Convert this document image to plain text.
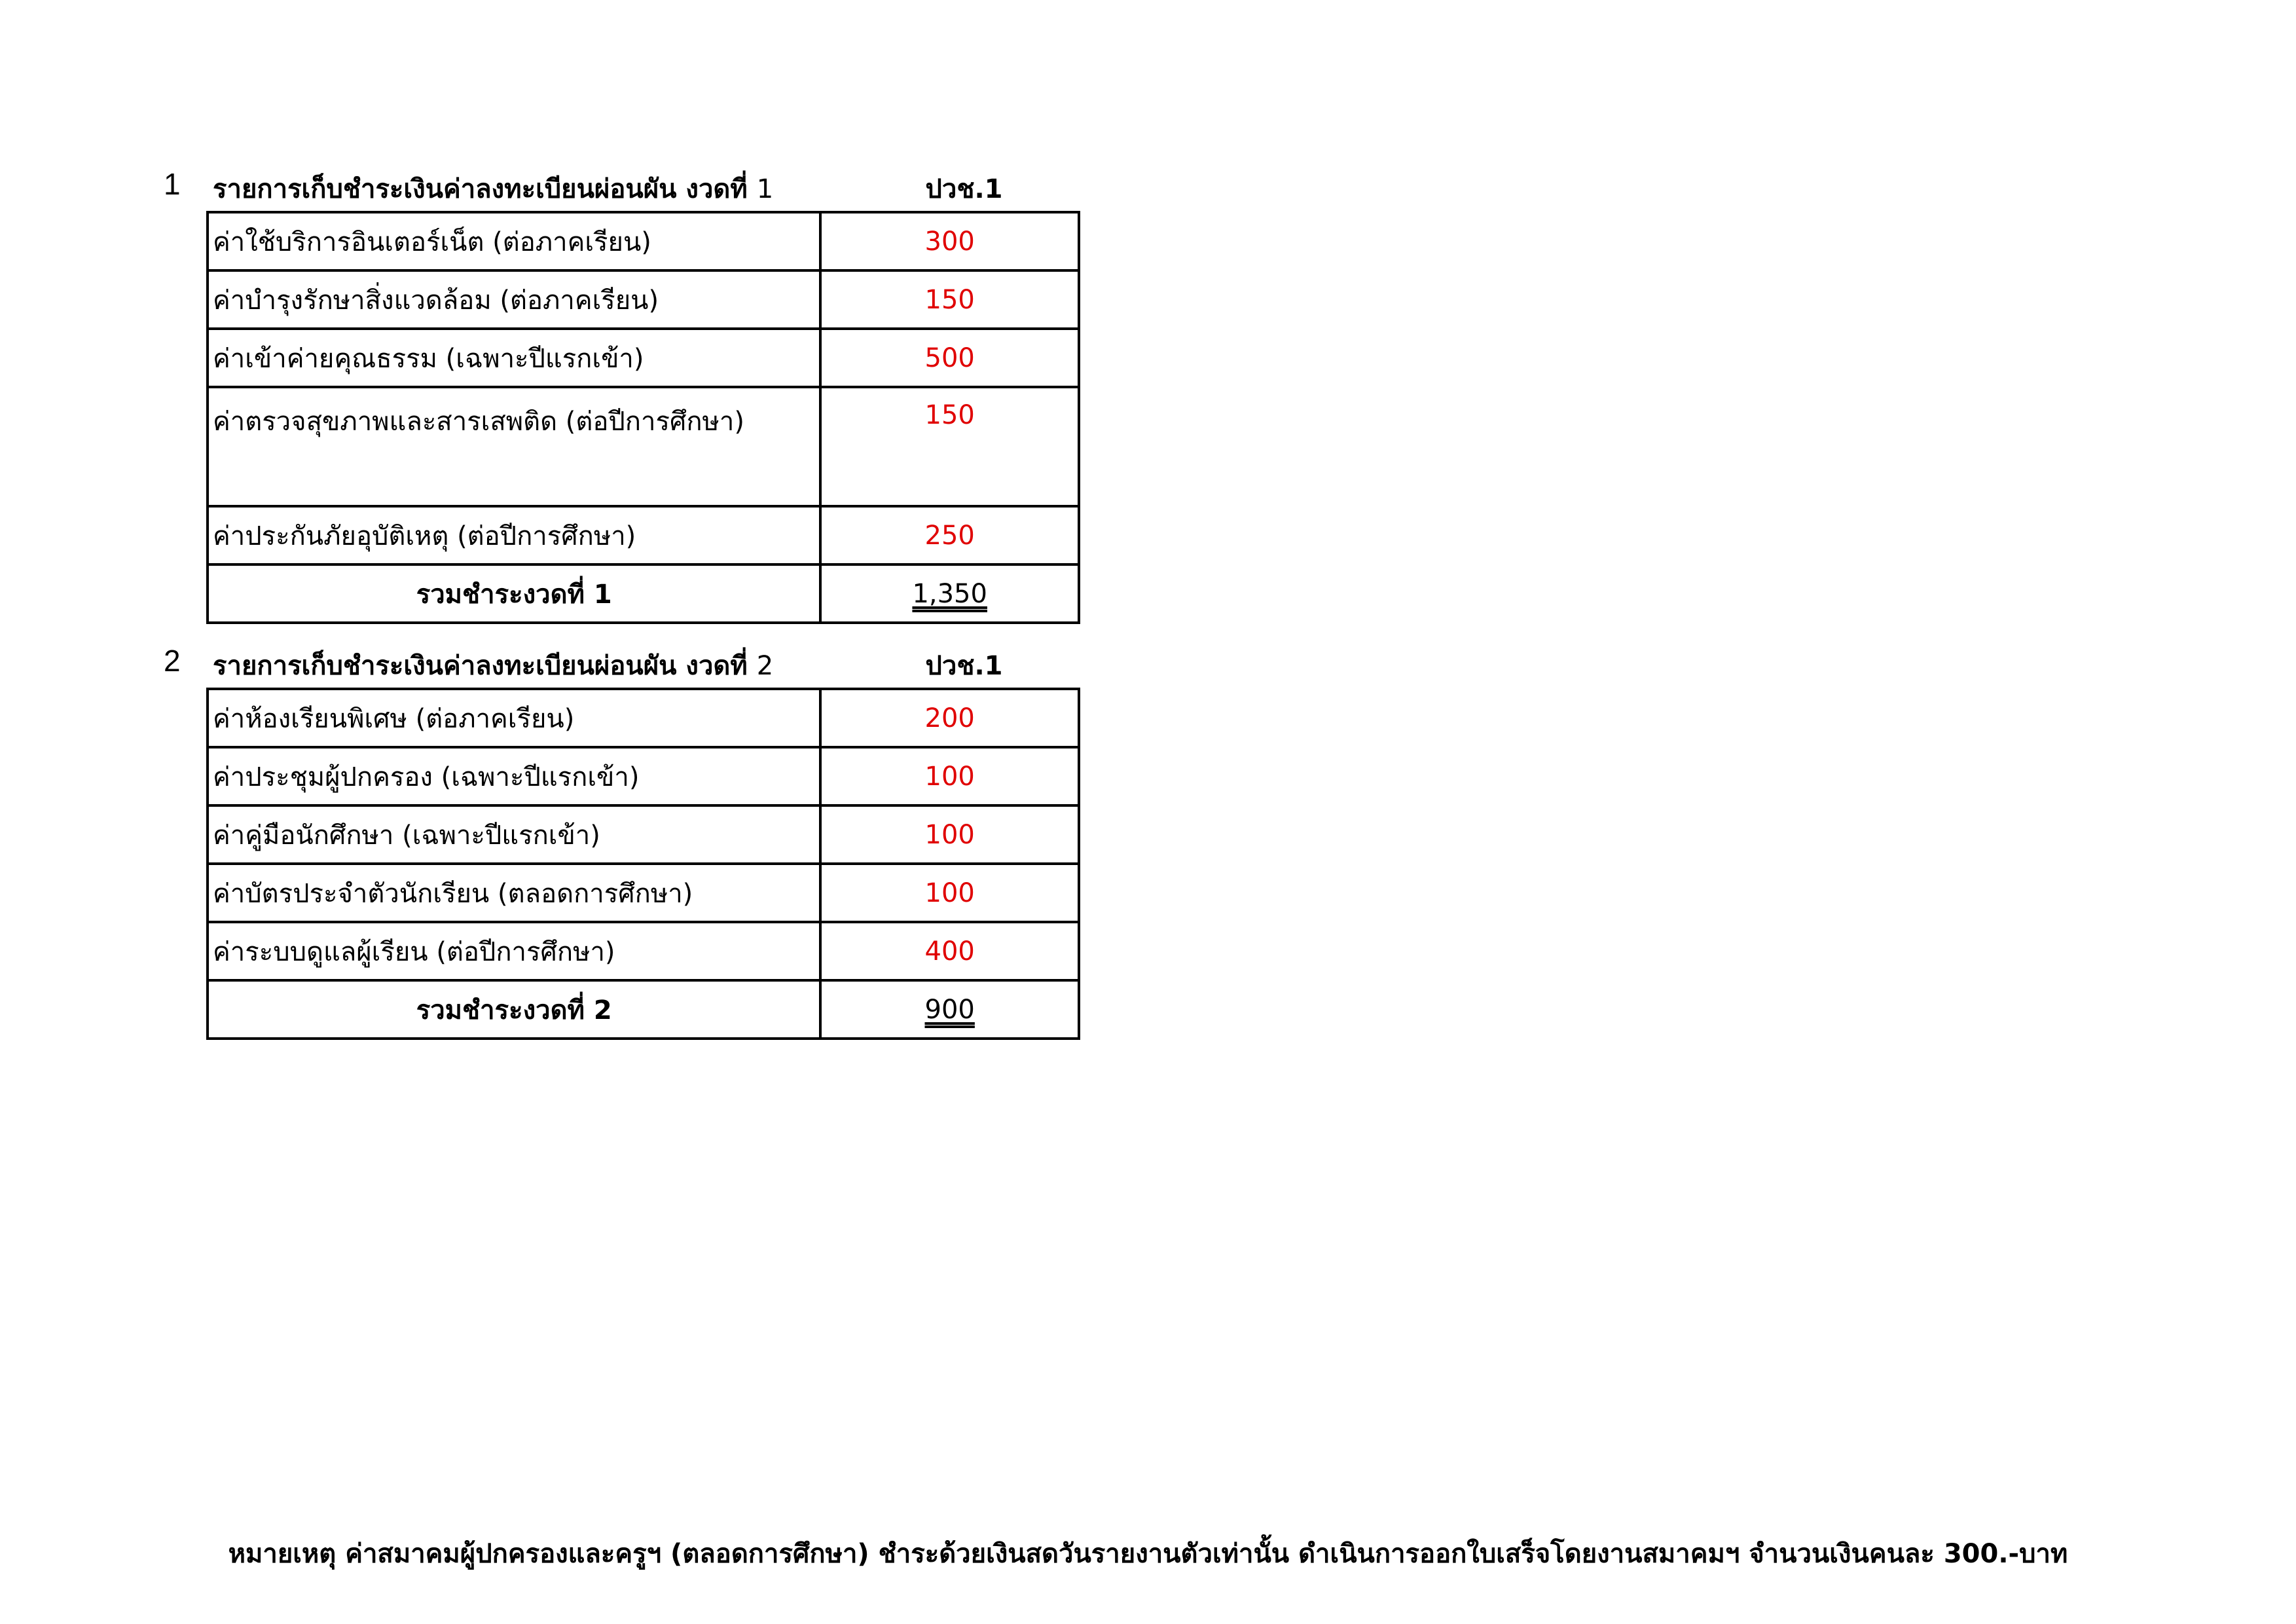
1 รายการเก็บชำระเงินค่าลงทะเบียนผ่อนผัน งวดที่ 1	ปวช.1
ค่าใช้บริการอินเตอร์เน็ต (ต่อภาคเรียน)	300
ค่าบำรุงรักษาสิ่งแวดล้อม (ต่อภาคเรียน)	150
ค่าเข้าค่ายคุณธรรม (เฉพาะปีแรกเข้า)	500
ค่าตรวจสุขภาพและสารเสพติด (ต่อปีการศึกษา)	150
ค่าประกันภัยอุบัติเหตุ (ต่อปีการศึกษา)	250
รวมชำระงวดที่ 1	1,350
2 รายการเก็บชำระเงินค่าลงทะเบียนผ่อนผัน งวดที่ 2	ปวช.1
ค่าห้องเรียนพิเศษ (ต่อภาคเรียน)	200
ค่าประชุมผู้ปกครอง (เฉพาะปีแรกเข้า)	100
ค่าคู่มือนักศึกษา (เฉพาะปีแรกเข้า)	100
ค่าบัตรประจำตัวนักเรียน (ตลอดการศึกษา)	100
ค่าระบบดูแลผู้เรียน (ต่อปีการศึกษา)	400
รวมชำระงวดที่ 2	900
หมายเหตุ ค่าสมาคมผู้ปกครองและครูฯ (ตลอดการศึกษา) ชำระด้วยเงินสดวันรายงานตัวเท่านั้น ดำเนินการออกใบเสร็จโดยงานสมาคมฯ จำนวนเงินคนละ 300.-บาท
